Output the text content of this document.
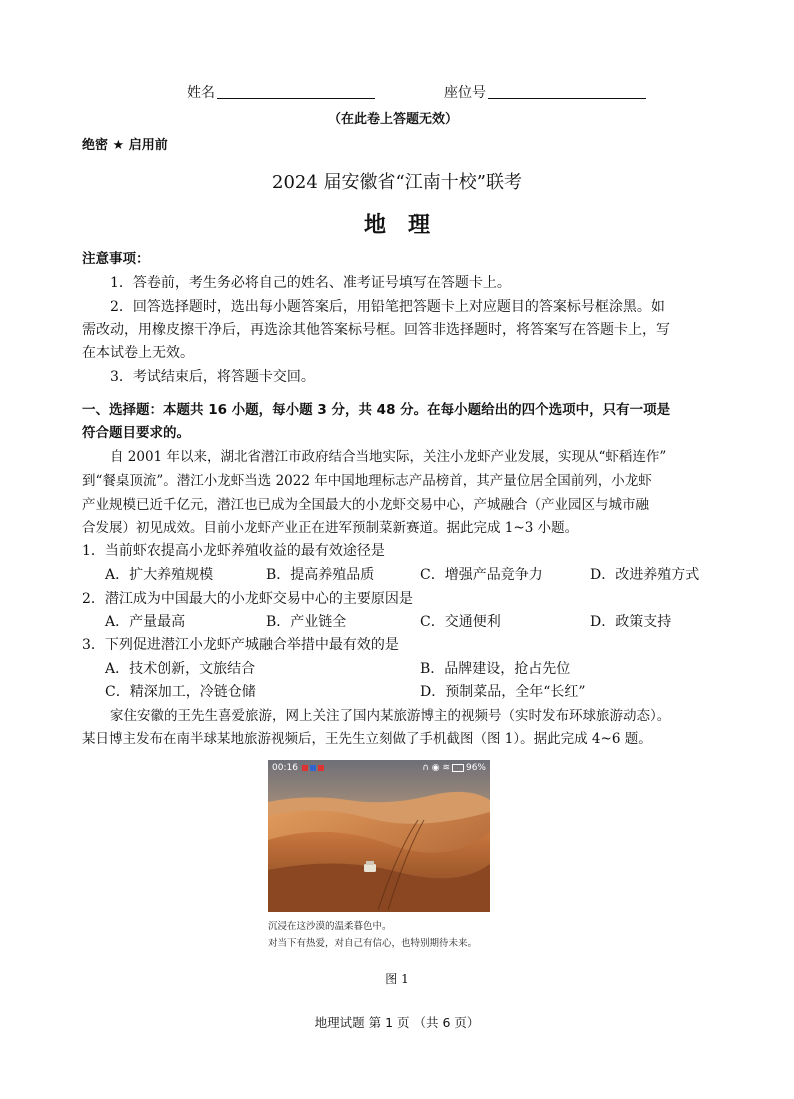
姓名	座位号
（在此卷上答题无效）
绝密 ★ 启用前
2024 届安徽省“江南十校”联考
地　理
注意事项：
1．答卷前，考生务必将自己的姓名、准考证号填写在答题卡上。
2．回答选择题时，选出每小题答案后，用铅笔把答题卡上对应题目的答案标号框涂黑。如
需改动，用橡皮擦干净后，再选涂其他答案标号框。回答非选择题时，将答案写在答题卡上，写
在本试卷上无效。
3．考试结束后，将答题卡交回。
一、选择题：本题共 16 小题，每小题 3 分，共 48 分。在每小题给出的四个选项中，只有一项是
符合题目要求的。
自 2001 年以来，湖北省潜江市政府结合当地实际，关注小龙虾产业发展，实现从“虾稻连作”
到“餐桌顶流”。潜江小龙虾当选 2022 年中国地理标志产品榜首，其产量位居全国前列，小龙虾
产业规模已近千亿元，潜江也已成为全国最大的小龙虾交易中心，产城融合（产业园区与城市融
合发展）初见成效。目前小龙虾产业正在进军预制菜新赛道。据此完成 1~3 小题。
1．当前虾农提高小龙虾养殖收益的最有效途径是
A．扩大养殖规模	B．提高养殖品质	C．增强产品竞争力	D．改进养殖方式
2．潜江成为中国最大的小龙虾交易中心的主要原因是
A．产量最高	B．产业链全	C．交通便利	D．政策支持
3．下列促进潜江小龙虾产城融合举措中最有效的是
A．技术创新，文旅结合	B．品牌建设，抢占先位
C．精深加工，冷链仓储	D．预制菜品，全年“长红”
家住安徽的王先生喜爱旅游，网上关注了国内某旅游博主的视频号（实时发布环球旅游动态）。
某日博主发布在南半球某地旅游视频后，王先生立刻做了手机截图（图 1）。据此完成 4~6 题。
00:16	∩ ◉ ≋ 96%
沉浸在这沙漠的温柔暮色中。
对当下有热爱，对自己有信心，也特别期待未来。
图 1
地理试题 第 1 页 （共 6 页）
